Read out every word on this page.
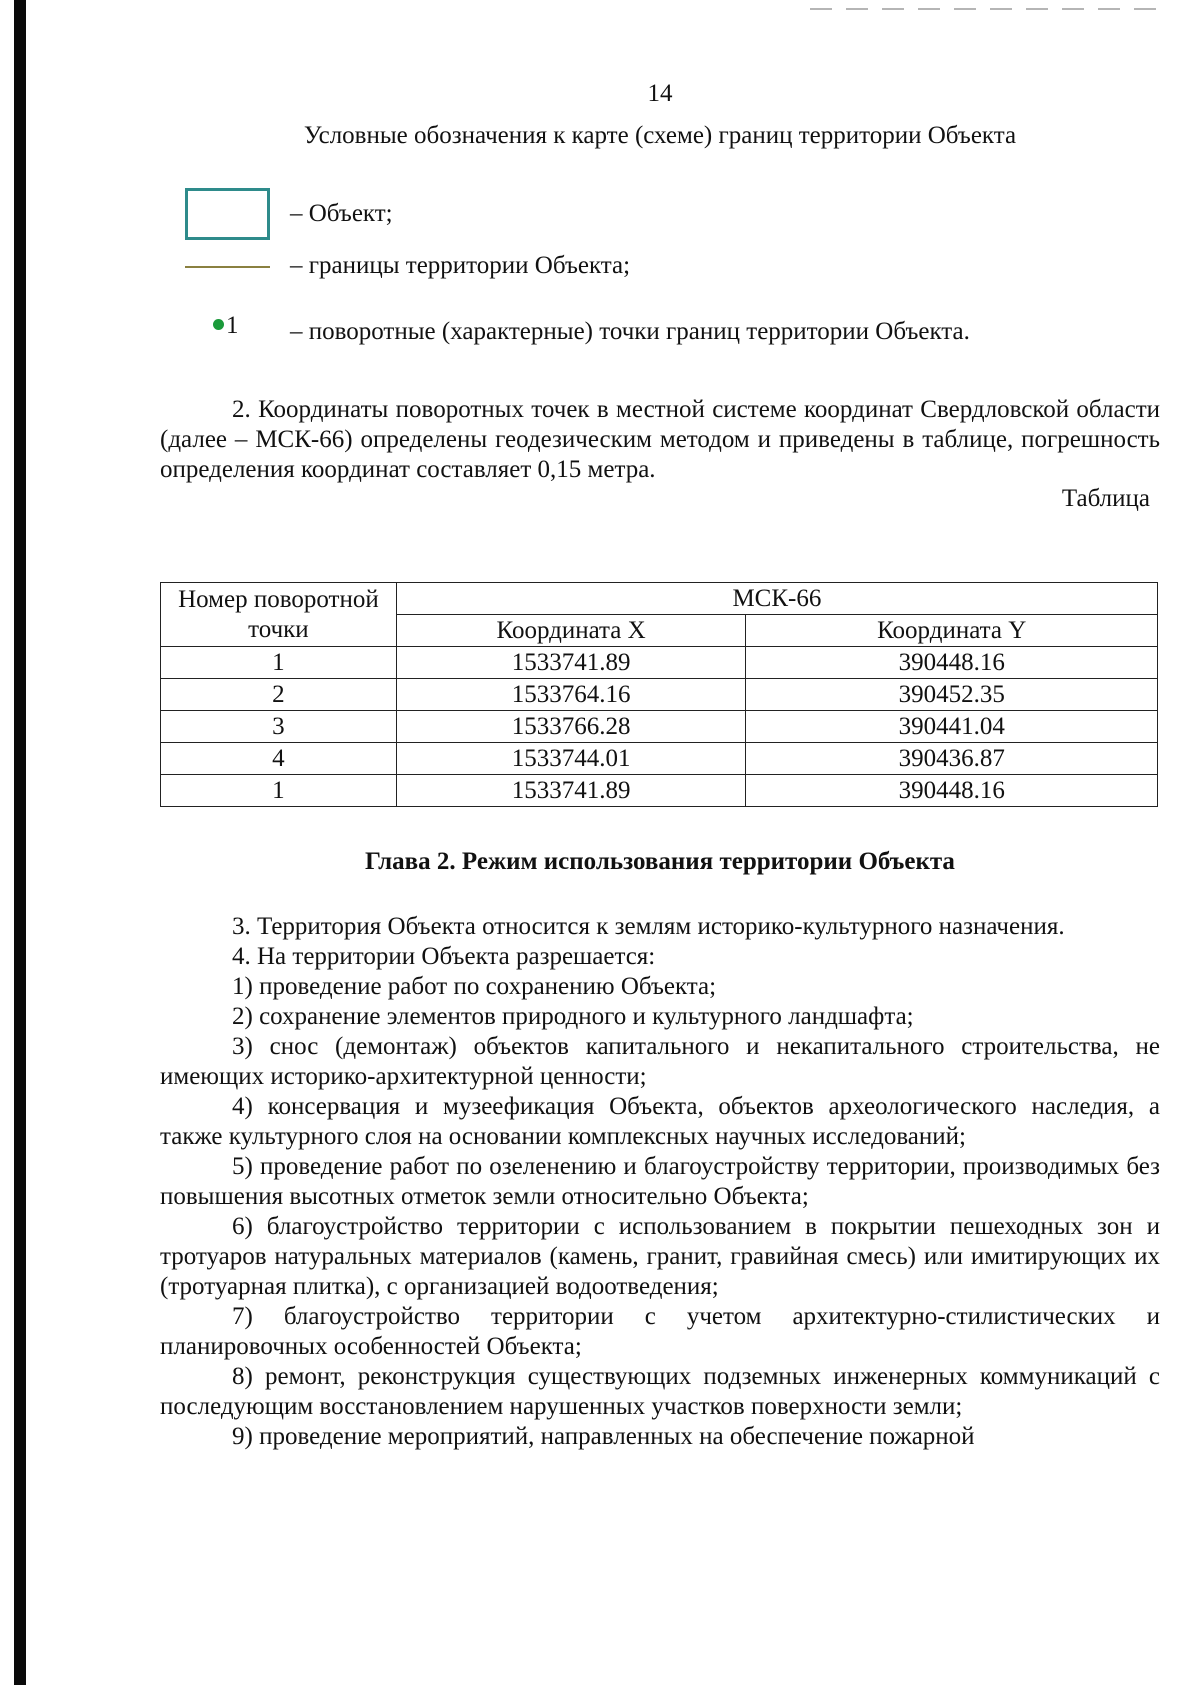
14
Условные обозначения к карте (схеме) границ территории Объекта
– Объект;
– границы территории Объекта;
1 – поворотные (характерные) точки границ территории Объекта.

2. Координаты поворотных точек в местной системе координат Свердловской области (далее – МСК-66) определены геодезическим методом и приведены в таблице, погрешность определения координат составляет 0,15 метра.

Таблица
Номер поворотной точки	МСК-66	
	Координата X	Координата Y
1	1533741.89	390448.16
2	1533764.16	390452.35
3	1533766.28	390441.04
4	1533744.01	390436.87
1	1533741.89	390448.16
Глава 2. Режим использования территории Объекта

3. Территория Объекта относится к землям историко-культурного назначения.

4. На территории Объекта разрешается:

1) проведение работ по сохранению Объекта;

2) сохранение элементов природного и культурного ландшафта;

3) снос (демонтаж) объектов капитального и некапитального строительства, не имеющих историко-архитектурной ценности;

4) консервация и музеефикация Объекта, объектов археологического наследия, а также культурного слоя на основании комплексных научных исследований;

5) проведение работ по озеленению и благоустройству территории, производимых без повышения высотных отметок земли относительно Объекта;

6) благоустройство территории с использованием в покрытии пешеходных зон и тротуаров натуральных материалов (камень, гранит, гравийная смесь) или имитирующих их (тротуарная плитка), с организацией водоотведения;

7) благоустройство территории с учетом архитектурно-стилистических и планировочных особенностей Объекта;

8) ремонт, реконструкция существующих подземных инженерных коммуникаций с последующим восстановлением нарушенных участков поверхности земли;

9) проведение мероприятий, направленных на обеспечение пожарной
